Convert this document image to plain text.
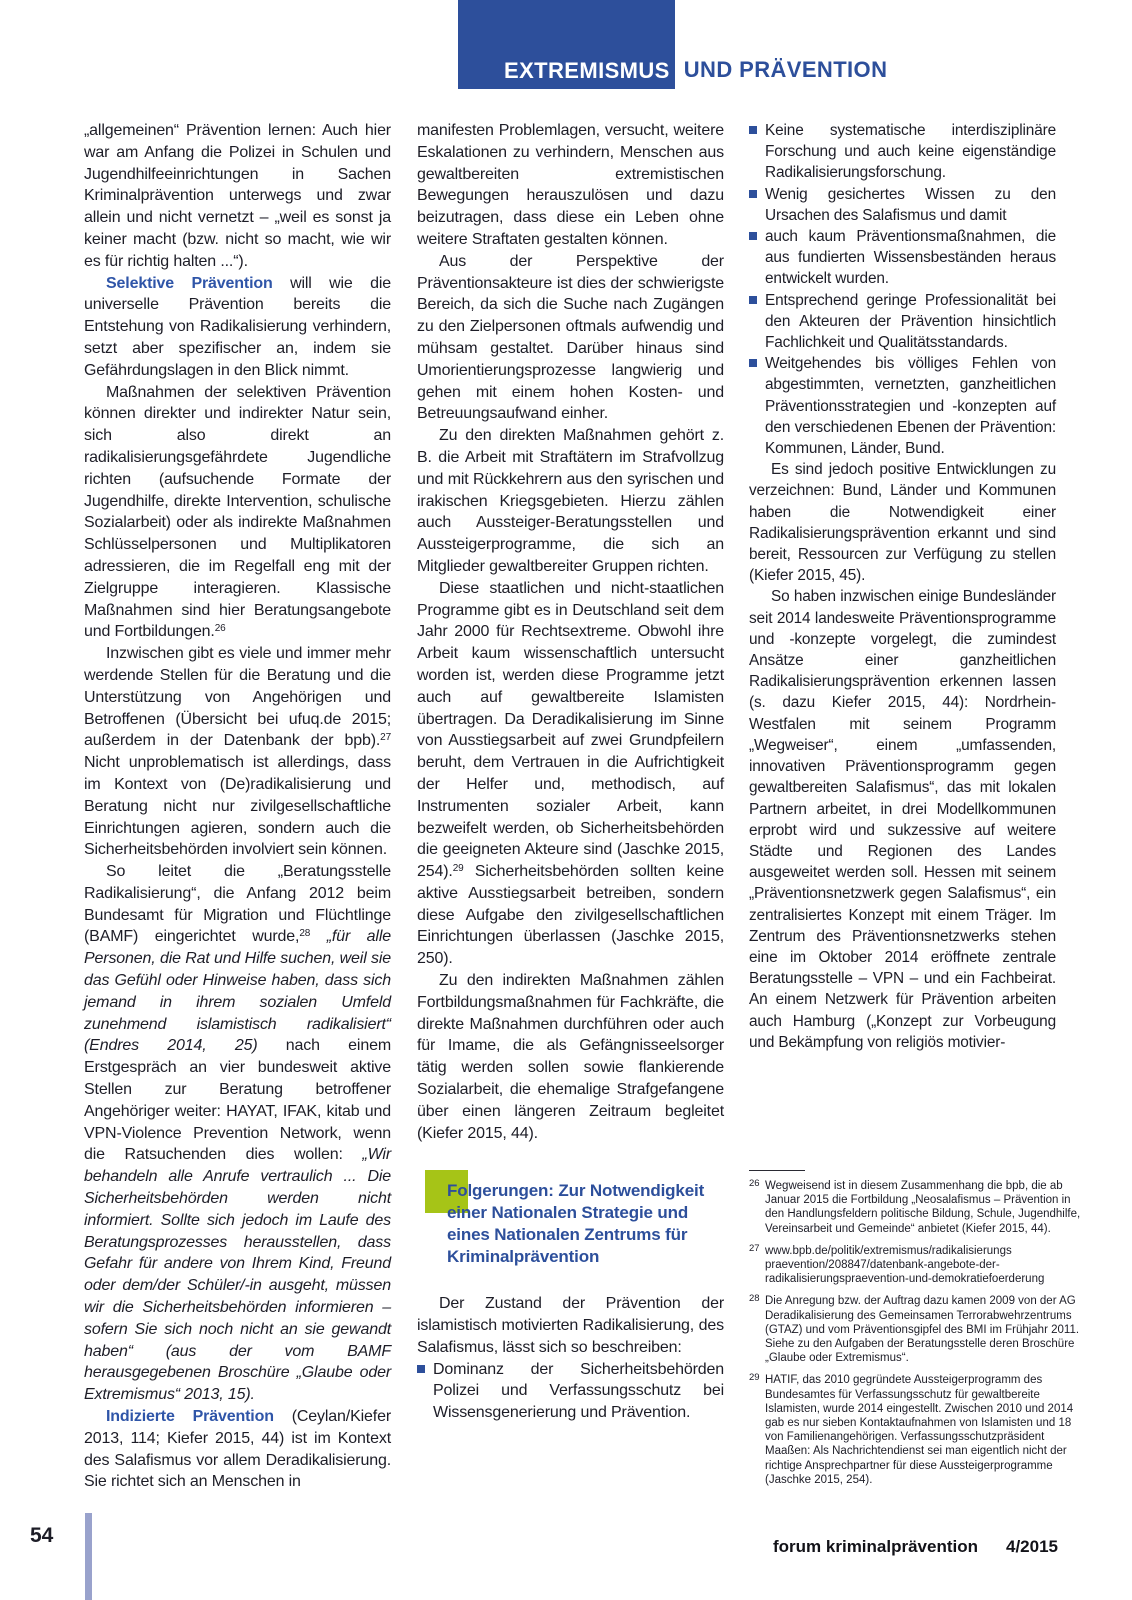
EXTREMISMUS UND PRÄVENTION

„allgemeinen“ Prävention lernen: Auch hier war am Anfang die Polizei in Schulen und Jugendhilfeeinrichtungen in Sachen Kriminalprävention unterwegs und zwar allein und nicht vernetzt – „weil es sonst ja keiner macht (bzw. nicht so macht, wie wir es für richtig halten ...“).

Selektive Prävention will wie die universelle Prävention bereits die Entstehung von Radikalisierung verhindern, setzt aber spezifischer an, indem sie Gefährdungslagen in den Blick nimmt.

Maßnahmen der selektiven Prävention können direkter und indirekter Natur sein, sich also direkt an radikalisierungsgefährdete Jugendliche richten (aufsuchende Formate der Jugendhilfe, direkte Intervention, schulische Sozialarbeit) oder als indirekte Maßnahmen Schlüsselpersonen und Multiplikatoren adressieren, die im Regelfall eng mit der Zielgruppe interagieren. Klassische Maßnahmen sind hier Beratungsangebote und Fortbildungen.$^{26}$

Inzwischen gibt es viele und immer mehr werdende Stellen für die Beratung und die Unterstützung von Angehörigen und Betroffenen (Übersicht bei ufuq.de 2015; außerdem in der Datenbank der bpb).$^{27}$ Nicht unproblematisch ist allerdings, dass im Kontext von (De)radikalisierung und Beratung nicht nur zivilgesellschaftliche Einrichtungen agieren, sondern auch die Sicherheitsbehörden involviert sein können.

So leitet die „Beratungsstelle Radikalisierung“, die Anfang 2012 beim Bundesamt für Migration und Flüchtlinge (BAMF) eingerichtet wurde,$^{28}$ „für alle Personen, die Rat und Hilfe suchen, weil sie das Gefühl oder Hinweise haben, dass sich jemand in ihrem sozialen Umfeld zunehmend islamistisch radikalisiert“ (Endres 2014, 25) nach einem Erstgespräch an vier bundesweit aktive Stellen zur Beratung betroffener Angehöriger weiter: HAYAT, IFAK, kitab und VPN-Violence Prevention Network, wenn die Ratsuchenden dies wollen: „Wir behandeln alle Anrufe vertraulich ... Die Sicherheitsbehörden werden nicht informiert. Sollte sich jedoch im Laufe des Beratungsprozesses herausstellen, dass Gefahr für andere von Ihrem Kind, Freund oder dem/der Schüler/-in ausgeht, müssen wir die Sicherheitsbehörden informieren – sofern Sie sich noch nicht an sie gewandt haben“ (aus der vom BAMF herausgegebenen Broschüre „Glaube oder Extremismus“ 2013, 15).

Indizierte Prävention (Ceylan/Kiefer 2013, 114; Kiefer 2015, 44) ist im Kontext des Salafismus vor allem Deradikalisierung. Sie richtet sich an Menschen in

manifesten Problemlagen, versucht, weitere Eskalationen zu verhindern, Menschen aus gewaltbereiten extremistischen Bewegungen herauszulösen und dazu beizutragen, dass diese ein Leben ohne weitere Straftaten gestalten können.

Aus der Perspektive der Präventionsakteure ist dies der schwierigste Bereich, da sich die Suche nach Zugängen zu den Zielpersonen oftmals aufwendig und mühsam gestaltet. Darüber hinaus sind Umorientierungsprozesse langwierig und gehen mit einem hohen Kosten- und Betreuungsaufwand einher.

Zu den direkten Maßnahmen gehört z. B. die Arbeit mit Straftätern im Strafvollzug und mit Rückkehrern aus den syrischen und irakischen Kriegsgebieten. Hierzu zählen auch Aussteiger-Beratungsstellen und Aussteigerprogramme, die sich an Mitglieder gewaltbereiter Gruppen richten.

Diese staatlichen und nicht-staatlichen Programme gibt es in Deutschland seit dem Jahr 2000 für Rechtsextreme. Obwohl ihre Arbeit kaum wissenschaftlich untersucht worden ist, werden diese Programme jetzt auch auf gewaltbereite Islamisten übertragen. Da Deradikalisierung im Sinne von Ausstiegsarbeit auf zwei Grundpfeilern beruht, dem Vertrauen in die Aufrichtigkeit der Helfer und, methodisch, auf Instrumenten sozialer Arbeit, kann bezweifelt werden, ob Sicherheitsbehörden die geeigneten Akteure sind (Jaschke 2015, 254).$^{29}$ Sicherheitsbehörden sollten keine aktive Ausstiegsarbeit betreiben, sondern diese Aufgabe den zivilgesellschaftlichen Einrichtungen überlassen (Jaschke 2015, 250).

Zu den indirekten Maßnahmen zählen Fortbildungsmaßnahmen für Fachkräfte, die direkte Maßnahmen durchführen oder auch für Imame, die als Gefängnisseelsorger tätig werden sollen sowie flankierende Sozialarbeit, die ehemalige Strafgefangene über einen längeren Zeitraum begleitet (Kiefer 2015, 44).

Folgerungen: Zur Notwendigkeit einer Nationalen Strategie und eines Nationalen Zentrums für Kriminalprävention

Der Zustand der Prävention der islamistisch motivierten Radikalisierung, des Salafismus, lässt sich so beschreiben:

Dominanz der Sicherheitsbehörden Polizei und Verfassungsschutz bei Wissensgenerierung und Prävention.
Keine systematische interdisziplinäre Forschung und auch keine eigenständige Radikalisierungsforschung.
Wenig gesichertes Wissen zu den Ursachen des Salafismus und damit
auch kaum Präventionsmaßnahmen, die aus fundierten Wissensbeständen heraus entwickelt wurden.
Entsprechend geringe Professionalität bei den Akteuren der Prävention hinsichtlich Fachlichkeit und Qualitätsstandards.
Weitgehendes bis völliges Fehlen von abgestimmten, vernetzten, ganzheitlichen Präventionsstrategien und -konzepten auf den verschiedenen Ebenen der Prävention: Kommunen, Länder, Bund.

Es sind jedoch positive Entwicklungen zu verzeichnen: Bund, Länder und Kommunen haben die Notwendigkeit einer Radikalisierungsprävention erkannt und sind bereit, Ressourcen zur Verfügung zu stellen (Kiefer 2015, 45).

So haben inzwischen einige Bundesländer seit 2014 landesweite Präventionsprogramme und -konzepte vorgelegt, die zumindest Ansätze einer ganzheitlichen Radikalisierungsprävention erkennen lassen (s. dazu Kiefer 2015, 44): Nordrhein-Westfalen mit seinem Programm „Wegweiser“, einem „umfassenden, innovativen Präventionsprogramm gegen gewaltbereiten Salafismus“, das mit lokalen Partnern arbeitet, in drei Modellkommunen erprobt wird und sukzessive auf weitere Städte und Regionen des Landes ausgeweitet werden soll. Hessen mit seinem „Präventionsnetzwerk gegen Salafismus“, ein zentralisiertes Konzept mit einem Träger. Im Zentrum des Präventionsnetzwerks stehen eine im Oktober 2014 eröffnete zentrale Beratungsstelle – VPN – und ein Fachbeirat. An einem Netzwerk für Prävention arbeiten auch Hamburg („Konzept zur Vorbeugung und Bekämpfung von religiös motivier-

26 Wegweisend ist in diesem Zusammenhang die bpb, die ab Januar 2015 die Fortbildung „Neosalafismus – Prävention in den Handlungsfeldern politische Bildung, Schule, Jugendhilfe, Vereinsarbeit und Gemeinde“ anbietet (Kiefer 2015, 44).
27 www.bpb.de/politik/extremismus/radikalisierungs praevention/208847/datenbank-angebote-der- radikalisierungspraevention-und-demokratiefoerderung
28 Die Anregung bzw. der Auftrag dazu kamen 2009 von der AG Deradikalisierung des Gemeinsamen Terrorabwehrzentrums (GTAZ) und vom Präventionsgipfel des BMI im Frühjahr 2011. Siehe zu den Aufgaben der Beratungsstelle deren Broschüre „Glaube oder Extremismus“.
29 HATIF, das 2010 gegründete Aussteigerprogramm des Bundesamtes für Verfassungsschutz für gewaltbereite Islamisten, wurde 2014 eingestellt. Zwischen 2010 und 2014 gab es nur sieben Kontaktaufnahmen von Islamisten und 18 von Familienangehörigen. Verfassungsschutzpräsident Maaßen: Als Nachrichtendienst sei man eigentlich nicht der richtige Ansprechpartner für diese Aussteigerprogramme (Jaschke 2015, 254).
54	forum kriminalprävention 4/2015
